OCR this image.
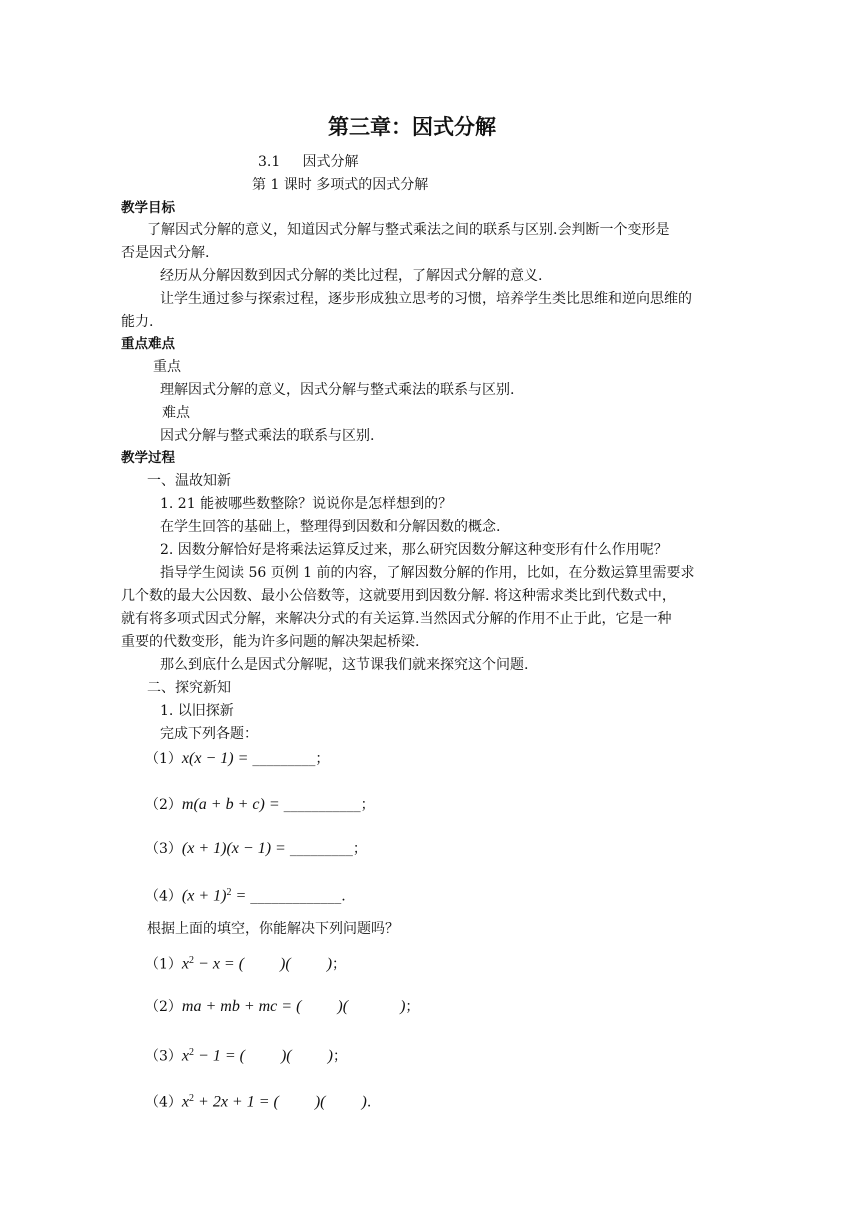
第三章：因式分解
3.1     因式分解
第 1 课时 多项式的因式分解
教学目标
了解因式分解的意义，知道因式分解与整式乘法之间的联系与区别.会判断一个变形是
否是因式分解.
经历从分解因数到因式分解的类比过程，了解因式分解的意义.
让学生通过参与探索过程，逐步形成独立思考的习惯，培养学生类比思维和逆向思维的
能力.
重点难点
重点
理解因式分解的意义，因式分解与整式乘法的联系与区别.
难点
因式分解与整式乘法的联系与区别.
教学过程
一、温故知新
1. 21 能被哪些数整除？说说你是怎样想到的？
在学生回答的基础上，整理得到因数和分解因数的概念.
2. 因数分解恰好是将乘法运算反过来，那么研究因数分解这种变形有什么作用呢？
指导学生阅读 56 页例 1 前的内容，了解因数分解的作用，比如，在分数运算里需要求
几个数的最大公因数、最小公倍数等，这就要用到因数分解. 将这种需求类比到代数式中，
就有将多项式因式分解，来解决分式的有关运算.当然因式分解的作用不止于此，它是一种
重要的代数变形，能为许多问题的解决架起桥梁.
那么到底什么是因式分解呢，这节课我们就来探究这个问题.
二、探究新知
1. 以旧探新
完成下列各题：
（1）x(x − 1) = _________；
（2）m(a + b + c) = ___________；
（3）(x + 1)(x − 1) = _________；
$(4)(x + 1)^2$ = _____________.
根据上面的填空，你能解决下列问题吗？
$(1)x^2 - x$ = (         )(         )；
（2）ma + mb + mc = (         )(             )；
$(3)x^2 - 1$ = (         )(         )；
$(4)x^2 + 2x + 1$ = (         )(         ).
